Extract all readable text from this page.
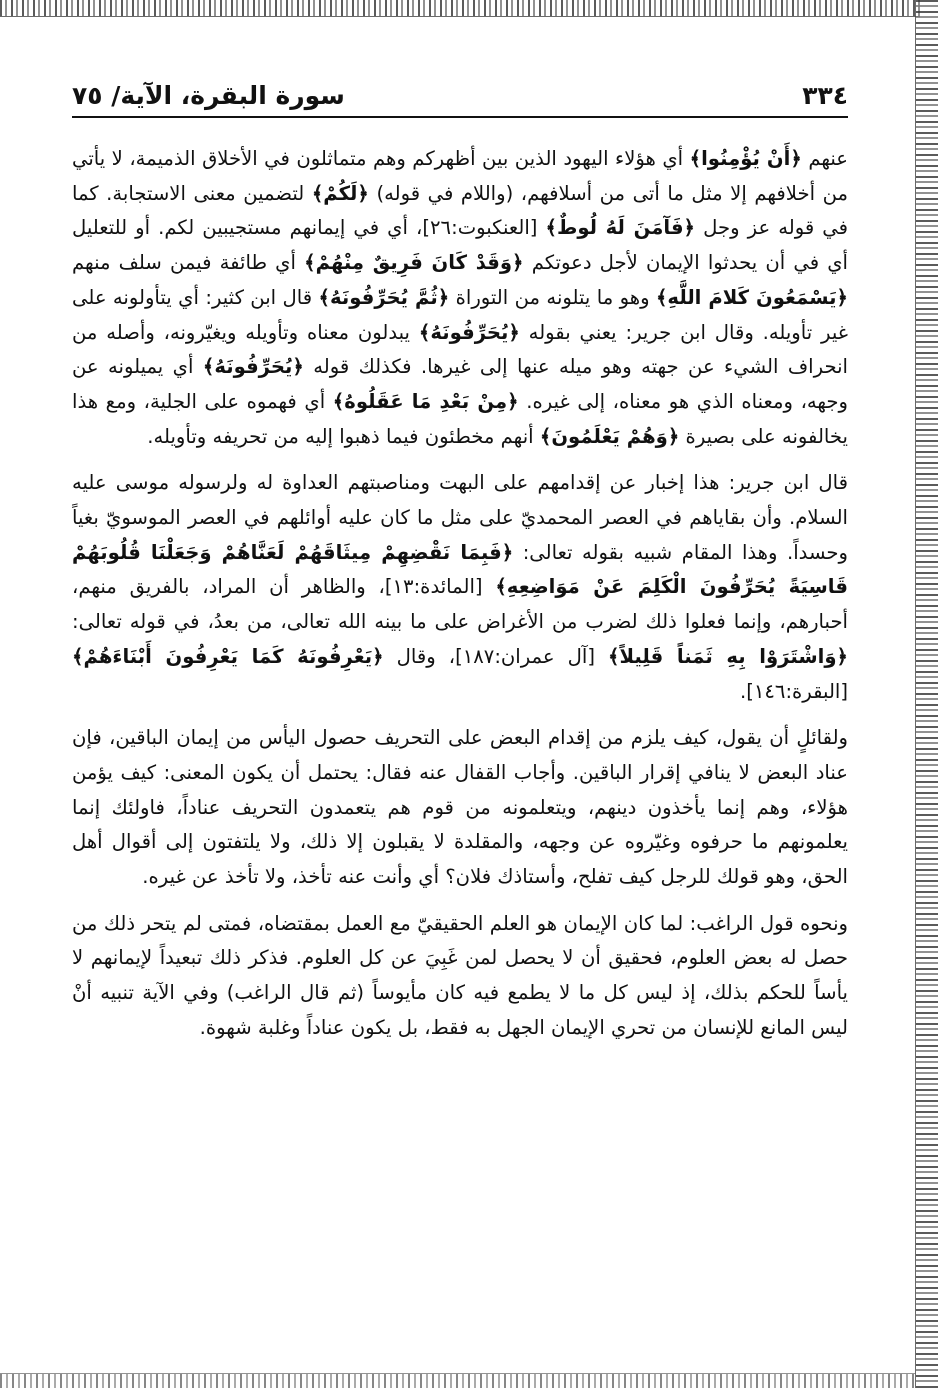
٣٣٤
سورة البقرة، الآية/ ٧٥

عنهم ﴿أَنْ يُؤْمِنُوا﴾ أي هؤلاء اليهود الذين بين أظهركم وهم متماثلون في الأخلاق الذميمة، لا يأتي من أخلافهم إلا مثل ما أتى من أسلافهم، (واللام في قوله) ﴿لَكُمْ﴾ لتضمين معنى الاستجابة. كما في قوله عز وجل ﴿فَآمَنَ لَهُ لُوطٌ﴾ [العنكبوت:٢٦]، أي في إيمانهم مستجيبين لكم. أو للتعليل أي في أن يحدثوا الإيمان لأجل دعوتكم ﴿وَقَدْ كَانَ فَرِيقٌ مِنْهُمْ﴾ أي طائفة فيمن سلف منهم ﴿يَسْمَعُونَ كَلامَ اللَّهِ﴾ وهو ما يتلونه من التوراة ﴿ثُمَّ يُحَرِّفُونَهُ﴾ قال ابن كثير: أي يتأولونه على غير تأويله. وقال ابن جرير: يعني بقوله ﴿يُحَرِّفُونَهُ﴾ يبدلون معناه وتأويله ويغيّرونه، وأصله من انحراف الشيء عن جهته وهو ميله عنها إلى غيرها. فكذلك قوله ﴿يُحَرِّفُونَهُ﴾ أي يميلونه عن وجهه، ومعناه الذي هو معناه، إلى غيره. ﴿مِنْ بَعْدِ مَا عَقَلُوهُ﴾ أي فهموه على الجلية، ومع هذا يخالفونه على بصيرة ﴿وَهُمْ يَعْلَمُونَ﴾ أنهم مخطئون فيما ذهبوا إليه من تحريفه وتأويله.

قال ابن جرير: هذا إخبار عن إقدامهم على البهت ومناصبتهم العداوة له ولرسوله موسى عليه السلام. وأن بقاياهم في العصر المحمديّ على مثل ما كان عليه أوائلهم في العصر الموسويّ بغياً وحسداً. وهذا المقام شبيه بقوله تعالى: ﴿فَبِمَا نَقْضِهِمْ مِيثَاقَهُمْ لَعَنَّاهُمْ وَجَعَلْنَا قُلُوبَهُمْ قَاسِيَةً يُحَرِّفُونَ الْكَلِمَ عَنْ مَوَاضِعِهِ﴾ [المائدة:١٣]، والظاهر أن المراد، بالفريق منهم، أحبارهم، وإنما فعلوا ذلك لضرب من الأغراض على ما بينه الله تعالى، من بعدُ، في قوله تعالى: ﴿وَاشْتَرَوْا بِهِ ثَمَناً قَلِيلاً﴾ [آل عمران:١٨٧]، وقال ﴿يَعْرِفُونَهُ كَمَا يَعْرِفُونَ أَبْنَاءَهُمْ﴾ [البقرة:١٤٦].

ولقائلٍ أن يقول، كيف يلزم من إقدام البعض على التحريف حصول اليأس من إيمان الباقين، فإن عناد البعض لا ينافي إقرار الباقين. وأجاب القفال عنه فقال: يحتمل أن يكون المعنى: كيف يؤمن هؤلاء، وهم إنما يأخذون دينهم، ويتعلمونه من قوم هم يتعمدون التحريف عناداً، فاولئك إنما يعلمونهم ما حرفوه وغيّروه عن وجهه، والمقلدة لا يقبلون إلا ذلك، ولا يلتفتون إلى أقوال أهل الحق، وهو قولك للرجل كيف تفلح، وأستاذك فلان؟ أي وأنت عنه تأخذ، ولا تأخذ عن غيره.

ونحوه قول الراغب: لما كان الإيمان هو العلم الحقيقيّ مع العمل بمقتضاه، فمتى لم يتحر ذلك من حصل له بعض العلوم، فحقيق أن لا يحصل لمن غَبِيَ عن كل العلوم. فذكر ذلك تبعيداً لإيمانهم لا يأساً للحكم بذلك، إذ ليس كل ما لا يطمع فيه كان مأيوساً (ثم قال الراغب) وفي الآية تنبيه أنْ ليس المانع للإنسان من تحري الإيمان الجهل به فقط، بل يكون عناداً وغلبة شهوة.
